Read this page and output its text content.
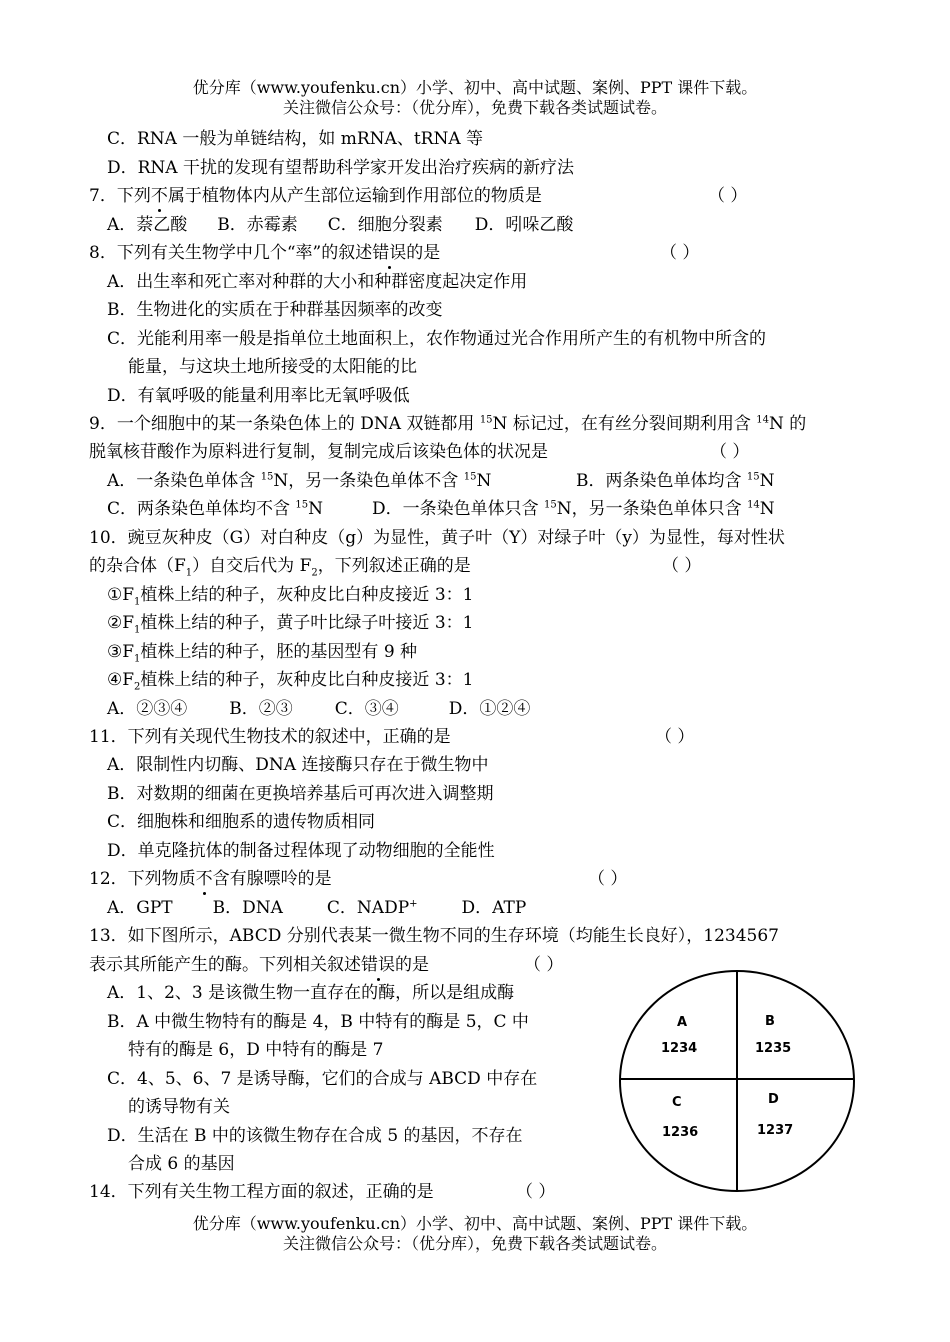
优分库（www.youfenku.cn）小学、初中、高中试题、案例、PPT 课件下载。
关注微信公众号：（优分库），免费下载各类试题试卷。
C．RNA 一般为单链结构，如 mRNA、tRNA 等
D．RNA 干扰的发现有望帮助科学家开发出治疗疾病的新疗法
7．下列不属于植物体内从产生部位运输到作用部位的物质是	（ ）
A．萘乙酸 B．赤霉素 C．细胞分裂素 D．吲哚乙酸
8．下列有关生物学中几个“率”的叙述错误的是	（ ）
A．出生率和死亡率对种群的大小和种群密度起决定作用
B．生物进化的实质在于种群基因频率的改变
C．光能利用率一般是指单位土地面积上，农作物通过光合作用所产生的有机物中所含的
能量，与这块土地所接受的太阳能的比
D．有氧呼吸的能量利用率比无氧呼吸低
9．一个细胞中的某一条染色体上的 DNA 双链都用 $^{15}$N 标记过，在有丝分裂间期利用含 $^{14}$N 的
脱氧核苷酸作为原料进行复制，复制完成后该染色体的状况是	（ ）
A．一条染色单体含 $^{15}$N，另一条染色单体不含 $^{15}$N	B．两条染色单体均含 $^{15}$N
C．两条染色单体均不含 $^{15}$N	D．一条染色单体只含 $^{15}$N，另一条染色单体只含 $^{14}$N
10．豌豆灰种皮（G）对白种皮（g）为显性，黄子叶（Y）对绿子叶（y）为显性，每对性状
的杂合体$(F_1)$自交后代为 $F_2$，下列叙述正确的是	（ ）
$①F_1$植株上结的种子，灰种皮比白种皮接近 3：1
$②F_1$植株上结的种子，黄子叶比绿子叶接近 3：1
$③F_1$植株上结的种子，胚的基因型有 9 种
$④F_2$植株上结的种子，灰种皮比白种皮接近 3：1
A．②③④ B．②③ C．③④	D．①②④
11．下列有关现代生物技术的叙述中，正确的是	（ ）
A．限制性内切酶、DNA 连接酶只存在于微生物中
B．对数期的细菌在更换培养基后可再次进入调整期
C．细胞株和细胞系的遗传物质相同
D．单克隆抗体的制备过程体现了动物细胞的全能性
12．下列物质不含有腺嘌呤的是	（ ）
A．GPT B．DNA	C．NADP+	D．ATP
13．如下图所示，ABCD 分别代表某一微生物不同的生存环境（均能生长良好），1234567
表示其所能产生的酶。下列相关叙述错误的是	（ ）
A．1、2、3 是该微生物一直存在的酶，所以是组成酶
B．A 中微生物特有的酶是 4，B 中特有的酶是 5，C 中
特有的酶是 6，D 中特有的酶是 7
C．4、5、6、7 是诱导酶，它们的合成与 ABCD 中存在
的诱导物有关
D．生活在 B 中的该微生物存在合成 5 的基因，不存在
合成 6 的基因
A
1234
B
1235
C
1236
D
1237
14．下列有关生物工程方面的叙述，正确的是	（ ）
优分库（www.youfenku.cn）小学、初中、高中试题、案例、PPT 课件下载。
关注微信公众号：（优分库），免费下载各类试题试卷。
